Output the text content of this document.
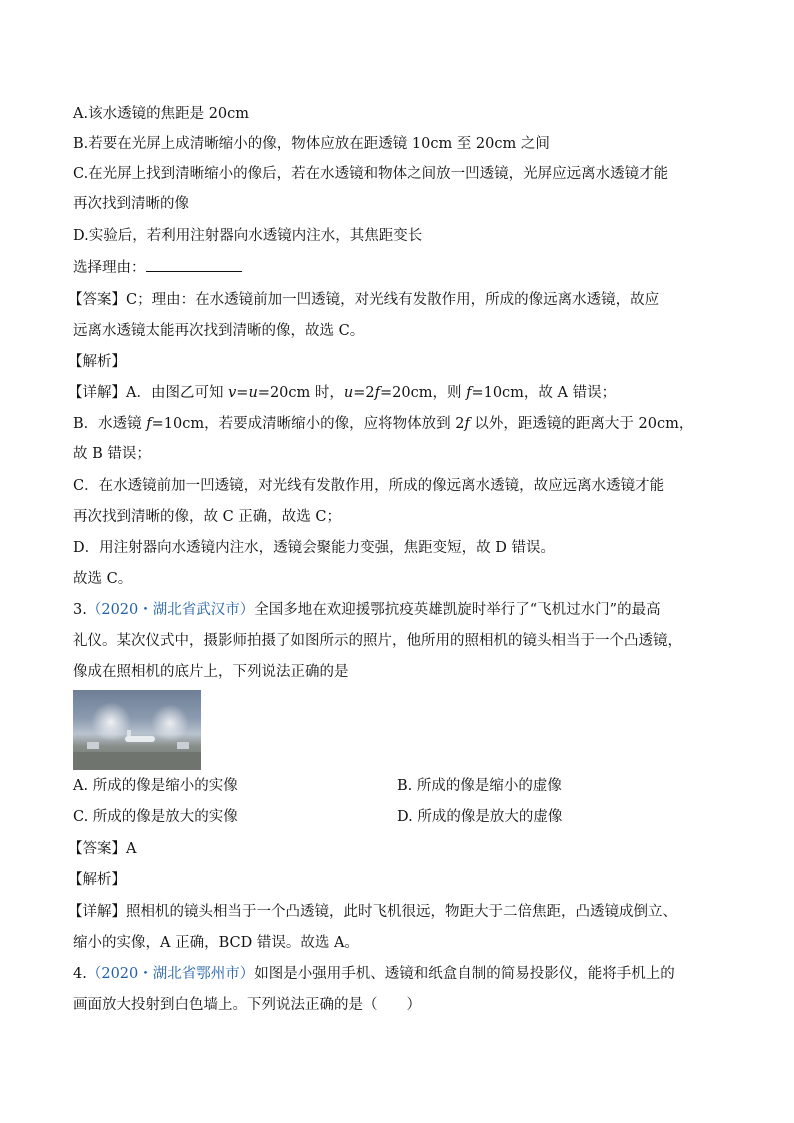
A.该水透镜的焦距是 20cm
B.若要在光屏上成清晰缩小的像，物体应放在距透镜 10cm 至 20cm 之间
C.在光屏上找到清晰缩小的像后，若在水透镜和物体之间放一凹透镜，光屏应远离水透镜才能
再次找到清晰的像
D.实验后，若利用注射器向水透镜内注水，其焦距变长
选择理由：
【答案】C；理由：在水透镜前加一凹透镜，对光线有发散作用，所成的像远离水透镜，故应
远离水透镜太能再次找到清晰的像，故选 C。
【解析】
【详解】A．由图乙可知 v=u=20cm 时，u=2f=20cm，则 f=10cm，故 A 错误；
B．水透镜 f=10cm，若要成清晰缩小的像，应将物体放到 2f 以外，距透镜的距离大于 20cm，
故 B 错误；
C．在水透镜前加一凹透镜，对光线有发散作用，所成的像远离水透镜，故应远离水透镜才能
再次找到清晰的像，故 C 正确，故选 C；
D．用注射器向水透镜内注水，透镜会聚能力变强，焦距变短，故 D 错误。
故选 C。
3.（2020・湖北省武汉市）全国多地在欢迎援鄂抗疫英雄凯旋时举行了“飞机过水门”的最高
礼仪。某次仪式中，摄影师拍摄了如图所示的照片，他所用的照相机的镜头相当于一个凸透镜，
像成在照相机的底片上，下列说法正确的是
A. 所成的像是缩小的实像	B. 所成的像是缩小的虚像
C. 所成的像是放大的实像	D. 所成的像是放大的虚像
【答案】A
【解析】
【详解】照相机的镜头相当于一个凸透镜，此时飞机很远，物距大于二倍焦距，凸透镜成倒立、
缩小的实像，A 正确，BCD 错误。故选 A。
4.（2020・湖北省鄂州市）如图是小强用手机、透镜和纸盒自制的简易投影仪，能将手机上的
画面放大投射到白色墙上。下列说法正确的是（　　）
